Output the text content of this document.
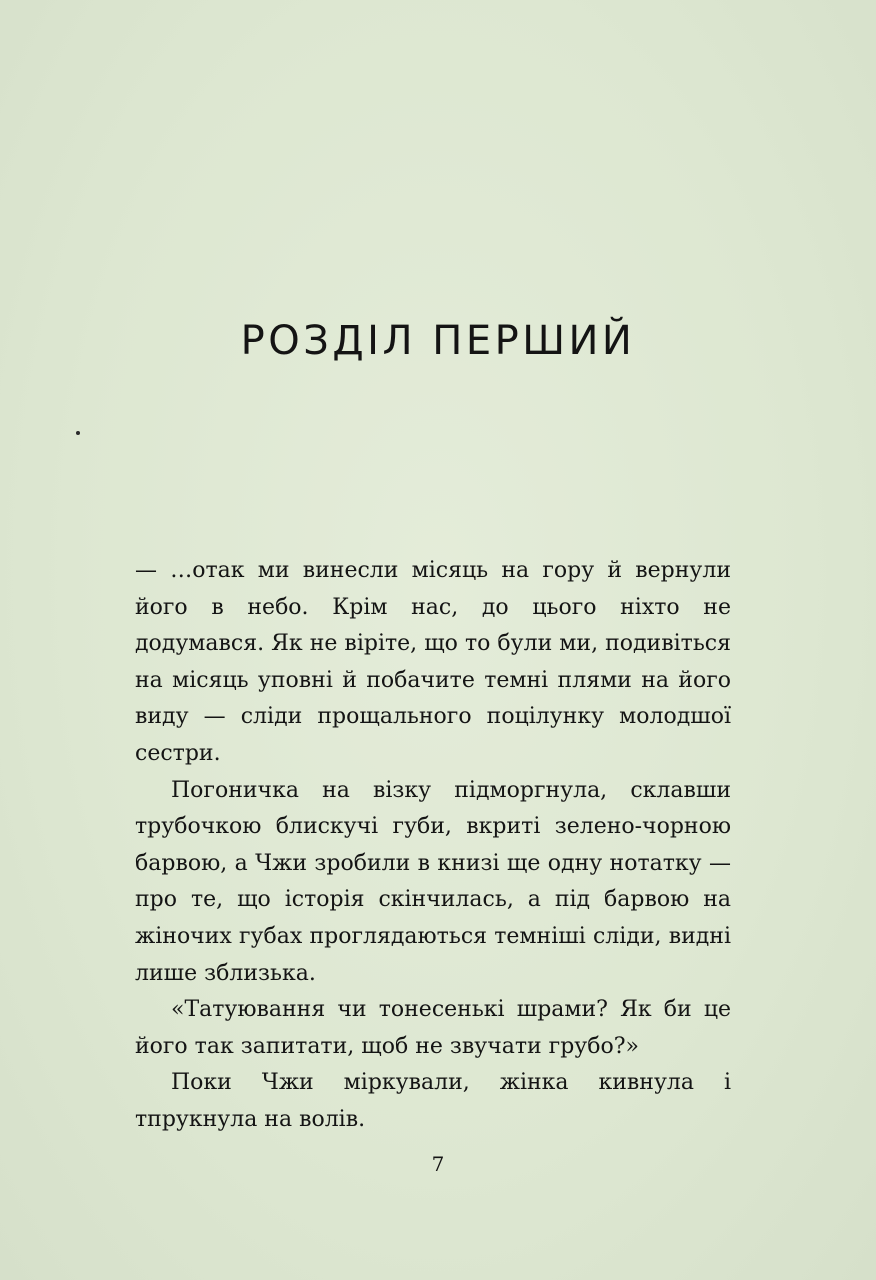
РОЗДІЛ ПЕРШИЙ

— …отак ми винесли місяць на гору й вернули його в небо. Крім нас, до цього ніхто не додумався. Як не віріте, що то були ми, подивіться на місяць уповні й побачите темні плями на його виду — сліди прощального поцілунку молодшої сестри.

Погоничка на візку підморгнула, склавши трубочкою блискучі губи, вкриті зелено-чорною барвою, а Чжи зробили в книзі ще одну нотатку — про те, що історія скінчилась, а під барвою на жіночих губах проглядаються темніші сліди, видні лише зблизька.

«Татуювання чи тонесенькі шрами? Як би це його так запитати, щоб не звучати грубо?»

Поки Чжи міркували, жінка кивнула і тпрукнула на волів.

7
